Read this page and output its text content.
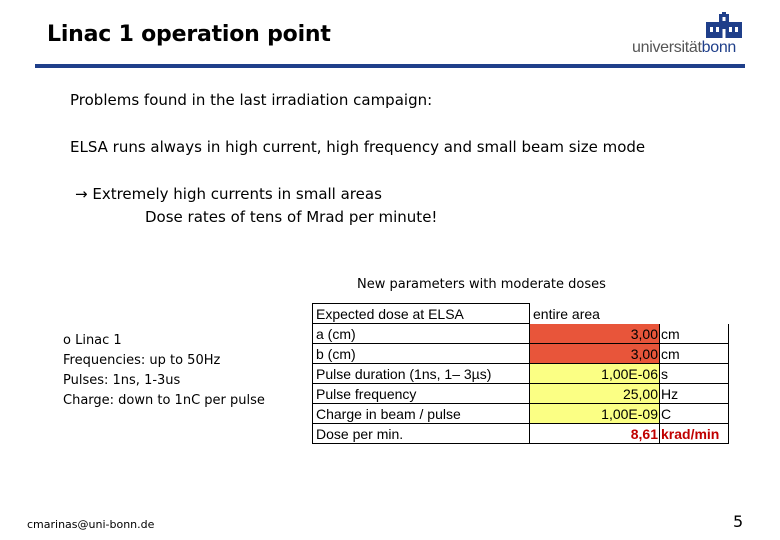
Linac 1 operation point
universitätbonn
Problems found in the last irradiation campaign:
ELSA runs always in high current, high frequency and small beam size mode
→ Extremely high currents in small areas
Dose rates of tens of Mrad per minute!
New parameters with moderate doses
o Linac 1
Frequencies: up to 50Hz
Pulses: 1ns, 1-3us
Charge: down to 1nC per pulse
Expected dose at ELSA	entire area	
a (cm)	3,00	cm
b (cm)	3,00	cm
Pulse duration (1ns, 1– 3µs)	1,00E-06	s
Pulse frequency	25,00	Hz
Charge in beam / pulse	1,00E-09	C
Dose per min.	8,61	krad/min
cmarinas@uni-bonn.de	5
